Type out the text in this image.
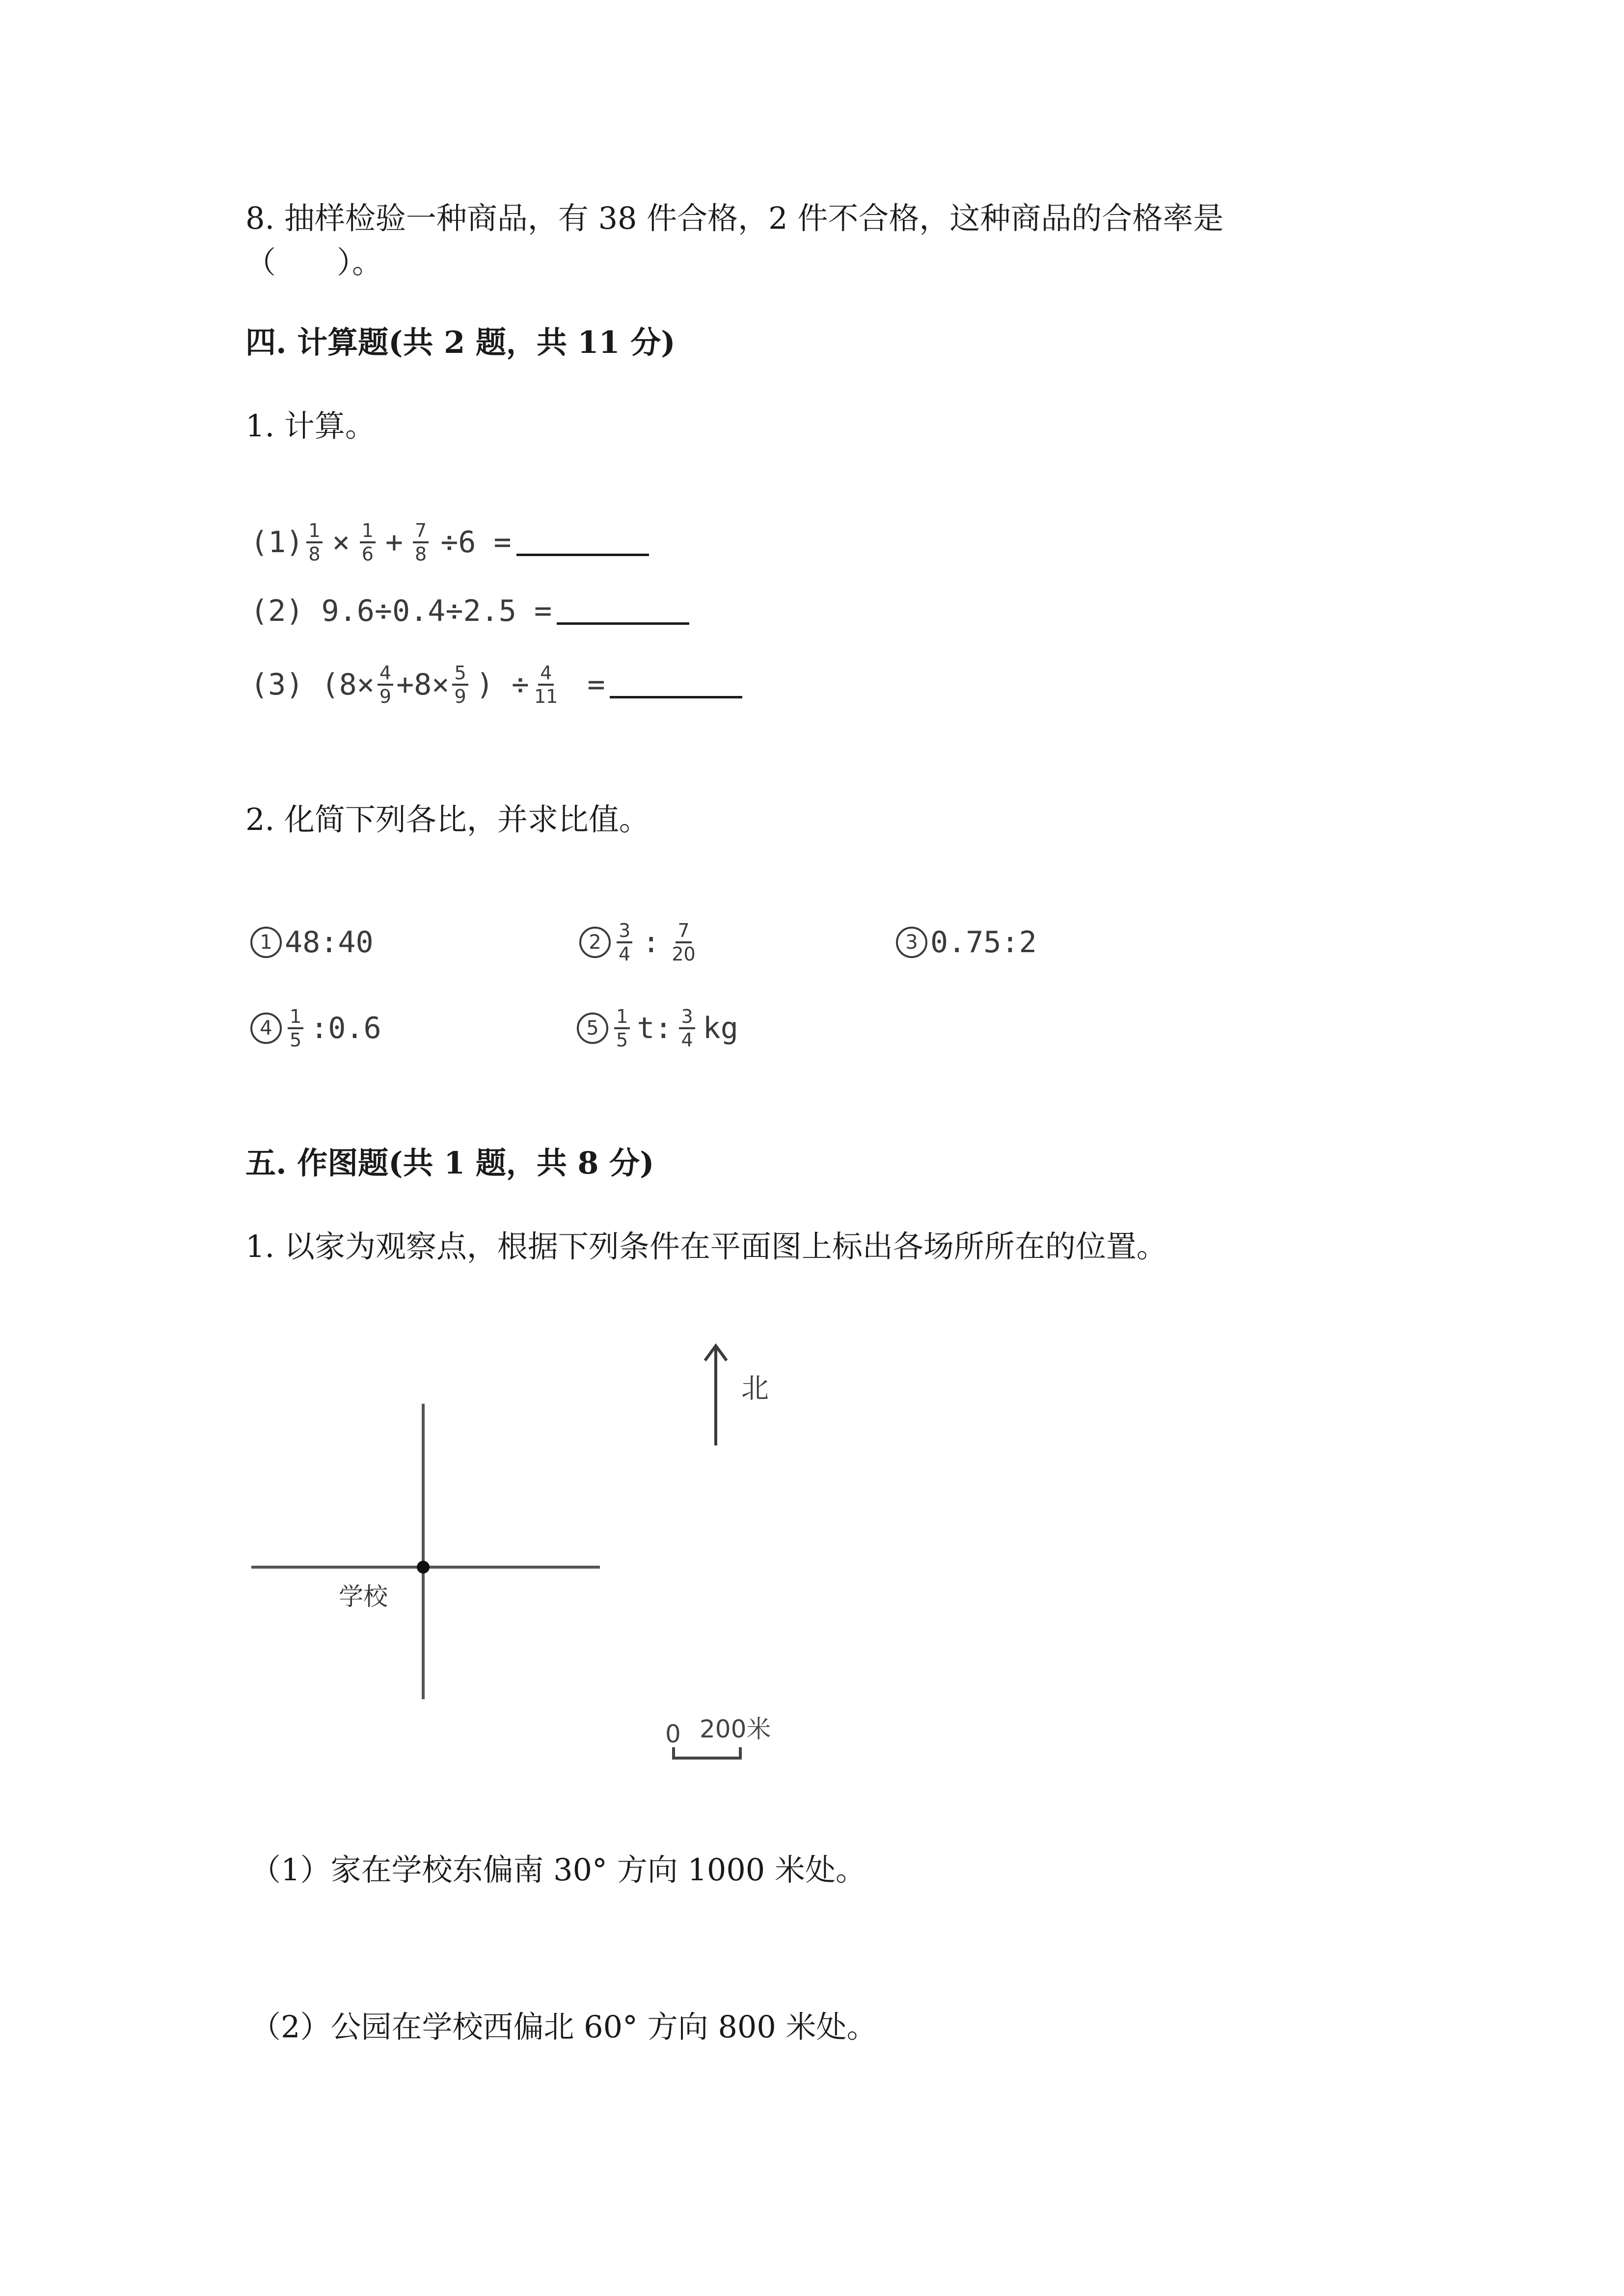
8. 抽样检验一种商品，有 38 件合格，2 件不合格，这种商品的合格率是
（　　）。
四. 计算题(共 2 题，共 11 分)
1. 计算。
$(1) \frac{1}{8} \times \frac{1}{6} + \frac{7}{8} \div 6$ =
(2) 9.6÷0.4÷2.5 =
(3) ($8\times \frac{4}{9} +8\times \frac{5}{9}$ ) ÷ $\frac{4}{11}$ =
2. 化简下列各比，并求比值。
1 48:40	$2 \frac{3}{4}$ : $\frac{7}{20}$	3 0.75:2
$4 \frac{1}{5}$ :0.6	$5 \frac{1}{5} t$: $\frac{3}{4}$ kg
五. 作图题(共 1 题，共 8 分)
1. 以家为观察点，根据下列条件在平面图上标出各场所所在的位置。
北
学校
0 200米
（1）家在学校东偏南 30° 方向 1000 米处。
（2）公园在学校西偏北 60° 方向 800 米处。
